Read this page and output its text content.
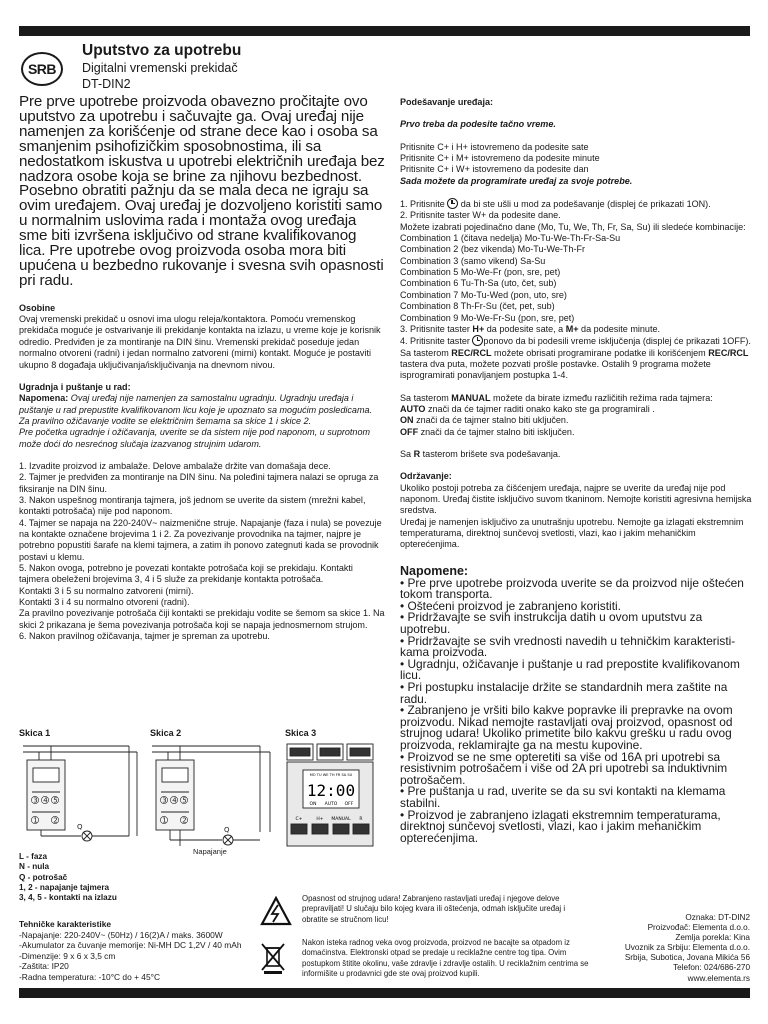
SRB
Uputstvo za upotrebu
Digitalni vremenski prekidač
DT-DIN2

Pre prve upotrebe proizvoda obavezno pročitajte ovo uputstvo za upotrebu i sačuvajte ga. Ovaj uređaj nije namenjen za korišćenje od strane dece kao i osoba sa smanjenim psihofizičkim sposobnostima, ili sa nedostatkom iskustva u upotrebi električnih uređaja bez nadzora osobe koja se brine za njihovu bezbednost. Posebno obratiti pažnju da se mala deca ne igraju sa ovim uređajem. Ovaj uređaj je dozvoljeno koristiti samo u normalnim uslovima rada i montaža ovog uređaja sme biti izvršena isključivo od strane kvalifikovanog lica. Pre upotrebe ovog proizvoda osoba mora biti upućena u bezbedno rukovanje i svesna svih opasnosti pri radu.

Osobine

Ovaj vremenski prekidač u osnovi ima ulogu releja/kontaktora. Pomoću vremenskog prekidača moguće je ostvarivanje ili prekidanje kontakta na izlazu, u vreme koje je korisnik odredio. Predviđen je za montiranje na DIN šinu. Vremenski prekidač poseduje jedan normalno otvoreni (radni) i jedan normalno zatvoreni (mirni) kontakt. Moguće je postaviti ukupno 8 događaja uključivanja/isključivanja na dnevnom nivou.

Ugradnja i puštanje u rad:

Napomena: Ovaj uređaj nije namenjen za samostalnu ugradnju. Ugradnju uređaja i puštanje u rad prepustite kvalifikovanom licu kojе je upoznato sa mogućim posledicama. Za pravilno ožičavanje vodite se električnim šemama sa skice 1 i skice 2.

Pre početka ugradnje i ožičavanja, uverite se da sistem nije pod naponom, u suprotnom može doći do nesrećnog slučaja izazvanog strujnim udarom.

1. Izvadite proizvod iz ambalaže. Delove ambalaže držite van domašaja dece.

2. Tajmer je predviđen za montiranje na DIN šinu. Na poleđini tajmera nalazi se opruga za fiksiranje na DIN šinu.

3. Nakon uspešnog montiranja tajmera, još jednom se uverite da sistem (mrežni kabel, kontakti potrošača) nije pod naponom.

4. Tajmer se napaja na 220-240V~ naizmenične struje. Napajanje (faza i nula) se povezuje na kontakte označene brojevima 1 i 2. Za povezivanje provodnika na tajmer, najpre je potrebno popustiti šarafe na klemi tajmera, a zatim ih ponovo zategnuti kada se provodnik postavi u klemu.

5. Nakon ovoga, potrebno je povezati kontakte potrošača koji se prekidaju. Kontakti tajmera obeleženi brojevima 3, 4 i 5 služe za prekidanje kontakta potrošača.

Kontakti 3 i 5 su normalno zatvoreni (mirni).

Kontakti 3 i 4 su normalno otvoreni (radni).

Za pravilno povezivanje potrošača čiji kontakti se prekidaju vodite se šemom sa skice 1. Na skici 2 prikazana je šema povezivanja potrošača koji se napaja jednosmernom strujom.

6. Nakon pravilnog ožičavanja, tajmer je spreman za upotrebu.

Skica 1	Skica 2	Skica 3
3 4 5
1 2
Q
3 4 5
1 2
Q
Napajanje
MO TU WE TH FR SA SU
12:00
ON AUTO OFF
C+	H+ MANUAL R
L - faza
N - nula
Q - potrošač
1, 2 - napajanje tajmera
3, 4, 5 - kontakti na izlazu
Tehničke karakteristike
-Napajanje: 220-240V~ (50Hz) / 16(2)A / maks. 3600W
-Akumulator za čuvanje memorije: Ni-MH DC 1,2V / 40 mAh
-Dimenzije: 9 x 6 x 3,5 cm
-Zaštita: IP20
-Radna temperatura: -10°C do + 45°C
Opasnost od strujnog udara! Zabranjeno rastavljati uređaj i njegove delove prepraviljati! U slučaju bilo kojeg kvara ili oštećenja, odmah isključite uređaj i obratite se stručnom licu!
Nakon isteka radnog veka ovog proizvoda, proizvod ne bacajte sa otpadom iz domaćinstva. Elektronski otpad se predaje u reciklažne centre tog tipa. Ovim postupkom štitite okolinu, vaše zdravlje i zdravlje ostalih. U reciklažnim centrima se informišite u prodavnici gde ste ovaj proizvod kupili.
Oznaka: DT-DIN2
Proizvođač: Elementa d.o.o.
Zemlja porekla: Kina
Uvoznik za Srbiju: Elementa d.o.o.
Srbija, Subotica, Jovana Mikića 56
Telefon: 024/686-270
www.elementa.rs

Podešavanje uređaja:

Prvo treba da podesite tačno vreme.

Pritisnite C+ i H+ istovremeno da podesite sate

Pritisnite C+ i M+ istovremeno da podesite minute

Pritisnite C+ i W+ istovremeno da podesite dan

Sada možete da programirate uređaj za svoje potrebe.

1. Pritisnite  da bi ste ušli u mod za podešavanje (displej će prikazati 1ON).

2. Pritisnite taster W+ da podesite dane.

Možete izabrati pojedinačno dane (Mo, Tu, We, Th, Fr, Sa, Su) ili sledeće kombinacije:

Combination 1 (čitava nedelja) Mo-Tu-We-Th-Fr-Sa-Su

Combination 2 (bez vikenda) Mo-Tu-We-Th-Fr

Combination 3 (samo vikend) Sa-Su

Combination 5 Mo-We-Fr (pon, sre, pet)

Combination 6 Tu-Th-Sa (uto, čet, sub)

Combination 7 Mo-Tu-Wed (pon, uto, sre)

Combination 8 Th-Fr-Su (čet, pet, sub)

Combination 9 Mo-We-Fr-Su (pon, sre, pet)

3. Pritisnite taster H+ da podesite sate, a M+ da podesite minute.

4. Pritisnite taster ponovo da bi podesili vreme isključenja (displej će prikazati 1OFF).

Sa tasterom REC/RCL možete obrisati programirane podatke ili korišćenjem REC/RCL tastera dva puta, možete pozvati prošle postavke. Ostalih 9 programa možete isprogramirati ponavljanjem postupka 1-4.

Sa tasterom MANUAL možete da birate između različitih režima rada tajmera:

AUTO znači da će tajmer raditi onako kako ste ga programirali .

ON znači da će tajmer stalno biti uključen.

OFF znači da će tajmer stalno biti isključen.

Sa R tasterom brišete sva podešavanja.

Održavanje:

Ukoliko postoji potreba za čišćenjem uređaja, najpre se uverite da uređaj nije pod naponom. Uređaj čistite isključivo suvom tkaninom. Nemojte koristiti agresivna hemijska sredstva.

Uređaj je namenjen isključivo za unutrašnju upotrebu. Nemojte ga izlagati ekstremnim temperaturama, direktnoj sunčevoj svetlosti, vlazi, kao i jakim mehaničkim opterećenjima.

Napomene:

• Pre prve upotrebe proizvoda uverite se da proizvod nije oštećen tokom transporta.

• Oštećeni proizvod je zabranjeno koristiti.

• Pridržavajte se svih instrukcija datih u ovom uputstvu za upotrebu.

• Pridržavajte se svih vrednosti navedih u tehničkim karakteristi-kama proizvoda.

• Ugradnju, ožičavanje i puštanje u rad prepostite kvalifikovanom licu.

• Pri postupku instalacije držite se standardnih mera zaštite na radu.

• Zabranjeno je vršiti bilo kakve popravke ili prepravke na ovom proizvodu. Nikad nemojte rastavljati ovaj proizvod, opasnost od strujnog udara! Ukoliko primetite bilo kakvu grešku u radu ovog proizvoda, reklamirajte ga na mestu kupovine.

• Proizvod se ne sme opteretiti sa više od 16A pri upotrebi sa resistivnim potrošačem i više od 2A pri upotrebi sa induktivnim potrošačem.

• Pre puštanja u rad, uverite se da su svi kontakti na klemama stabilni.

• Proizvod je zabranjeno izlagati ekstremnim temperaturama, direktnoj sunčevoj svetlosti, vlazi, kao i jakim mehaničkim opterećenjima.
